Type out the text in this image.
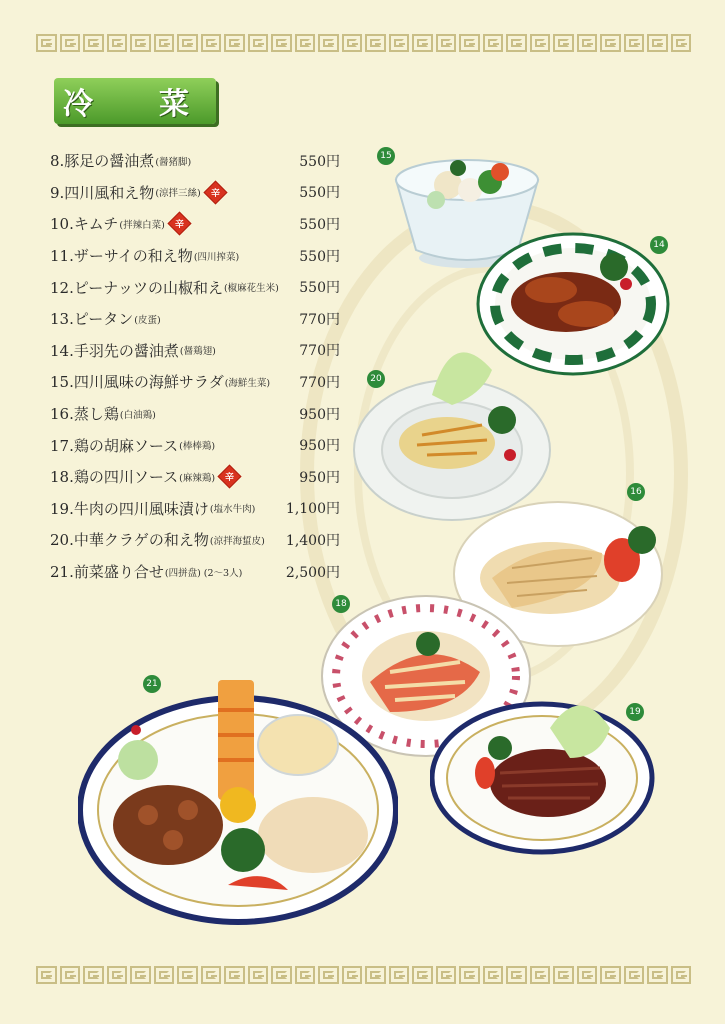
冷　菜
8.豚足の醤油煮 (醤猪脚)	550円
9.四川風和え物 (涼拌三絲) 辛	550円
10.キムチ (拌辣白菜) 辛	550円
11.ザーサイの和え物 (四川搾菜)	550円
12.ピーナッツの山椒和え (椒麻花生米) 550円
13.ピータン (皮蛋)	770円
14.手羽先の醤油煮 (醤鶏翅)	770円
15.四川風味の海鮮サラダ (海鮮生菜) 770円
16.蒸し鶏 (白油鶏)	950円
17.鶏の胡麻ソース (棒棒鶏)	950円
18.鶏の四川ソース (麻辣鶏) 辛	950円
19.牛肉の四川風味漬け (塩水牛肉) 1,100円
20.中華クラゲの和え物 (涼拌海蜇皮) 1,400円
21.前菜盛り合せ (四拼盘) (2～3人)	2,500円
15
14
20
16
18
21
19
